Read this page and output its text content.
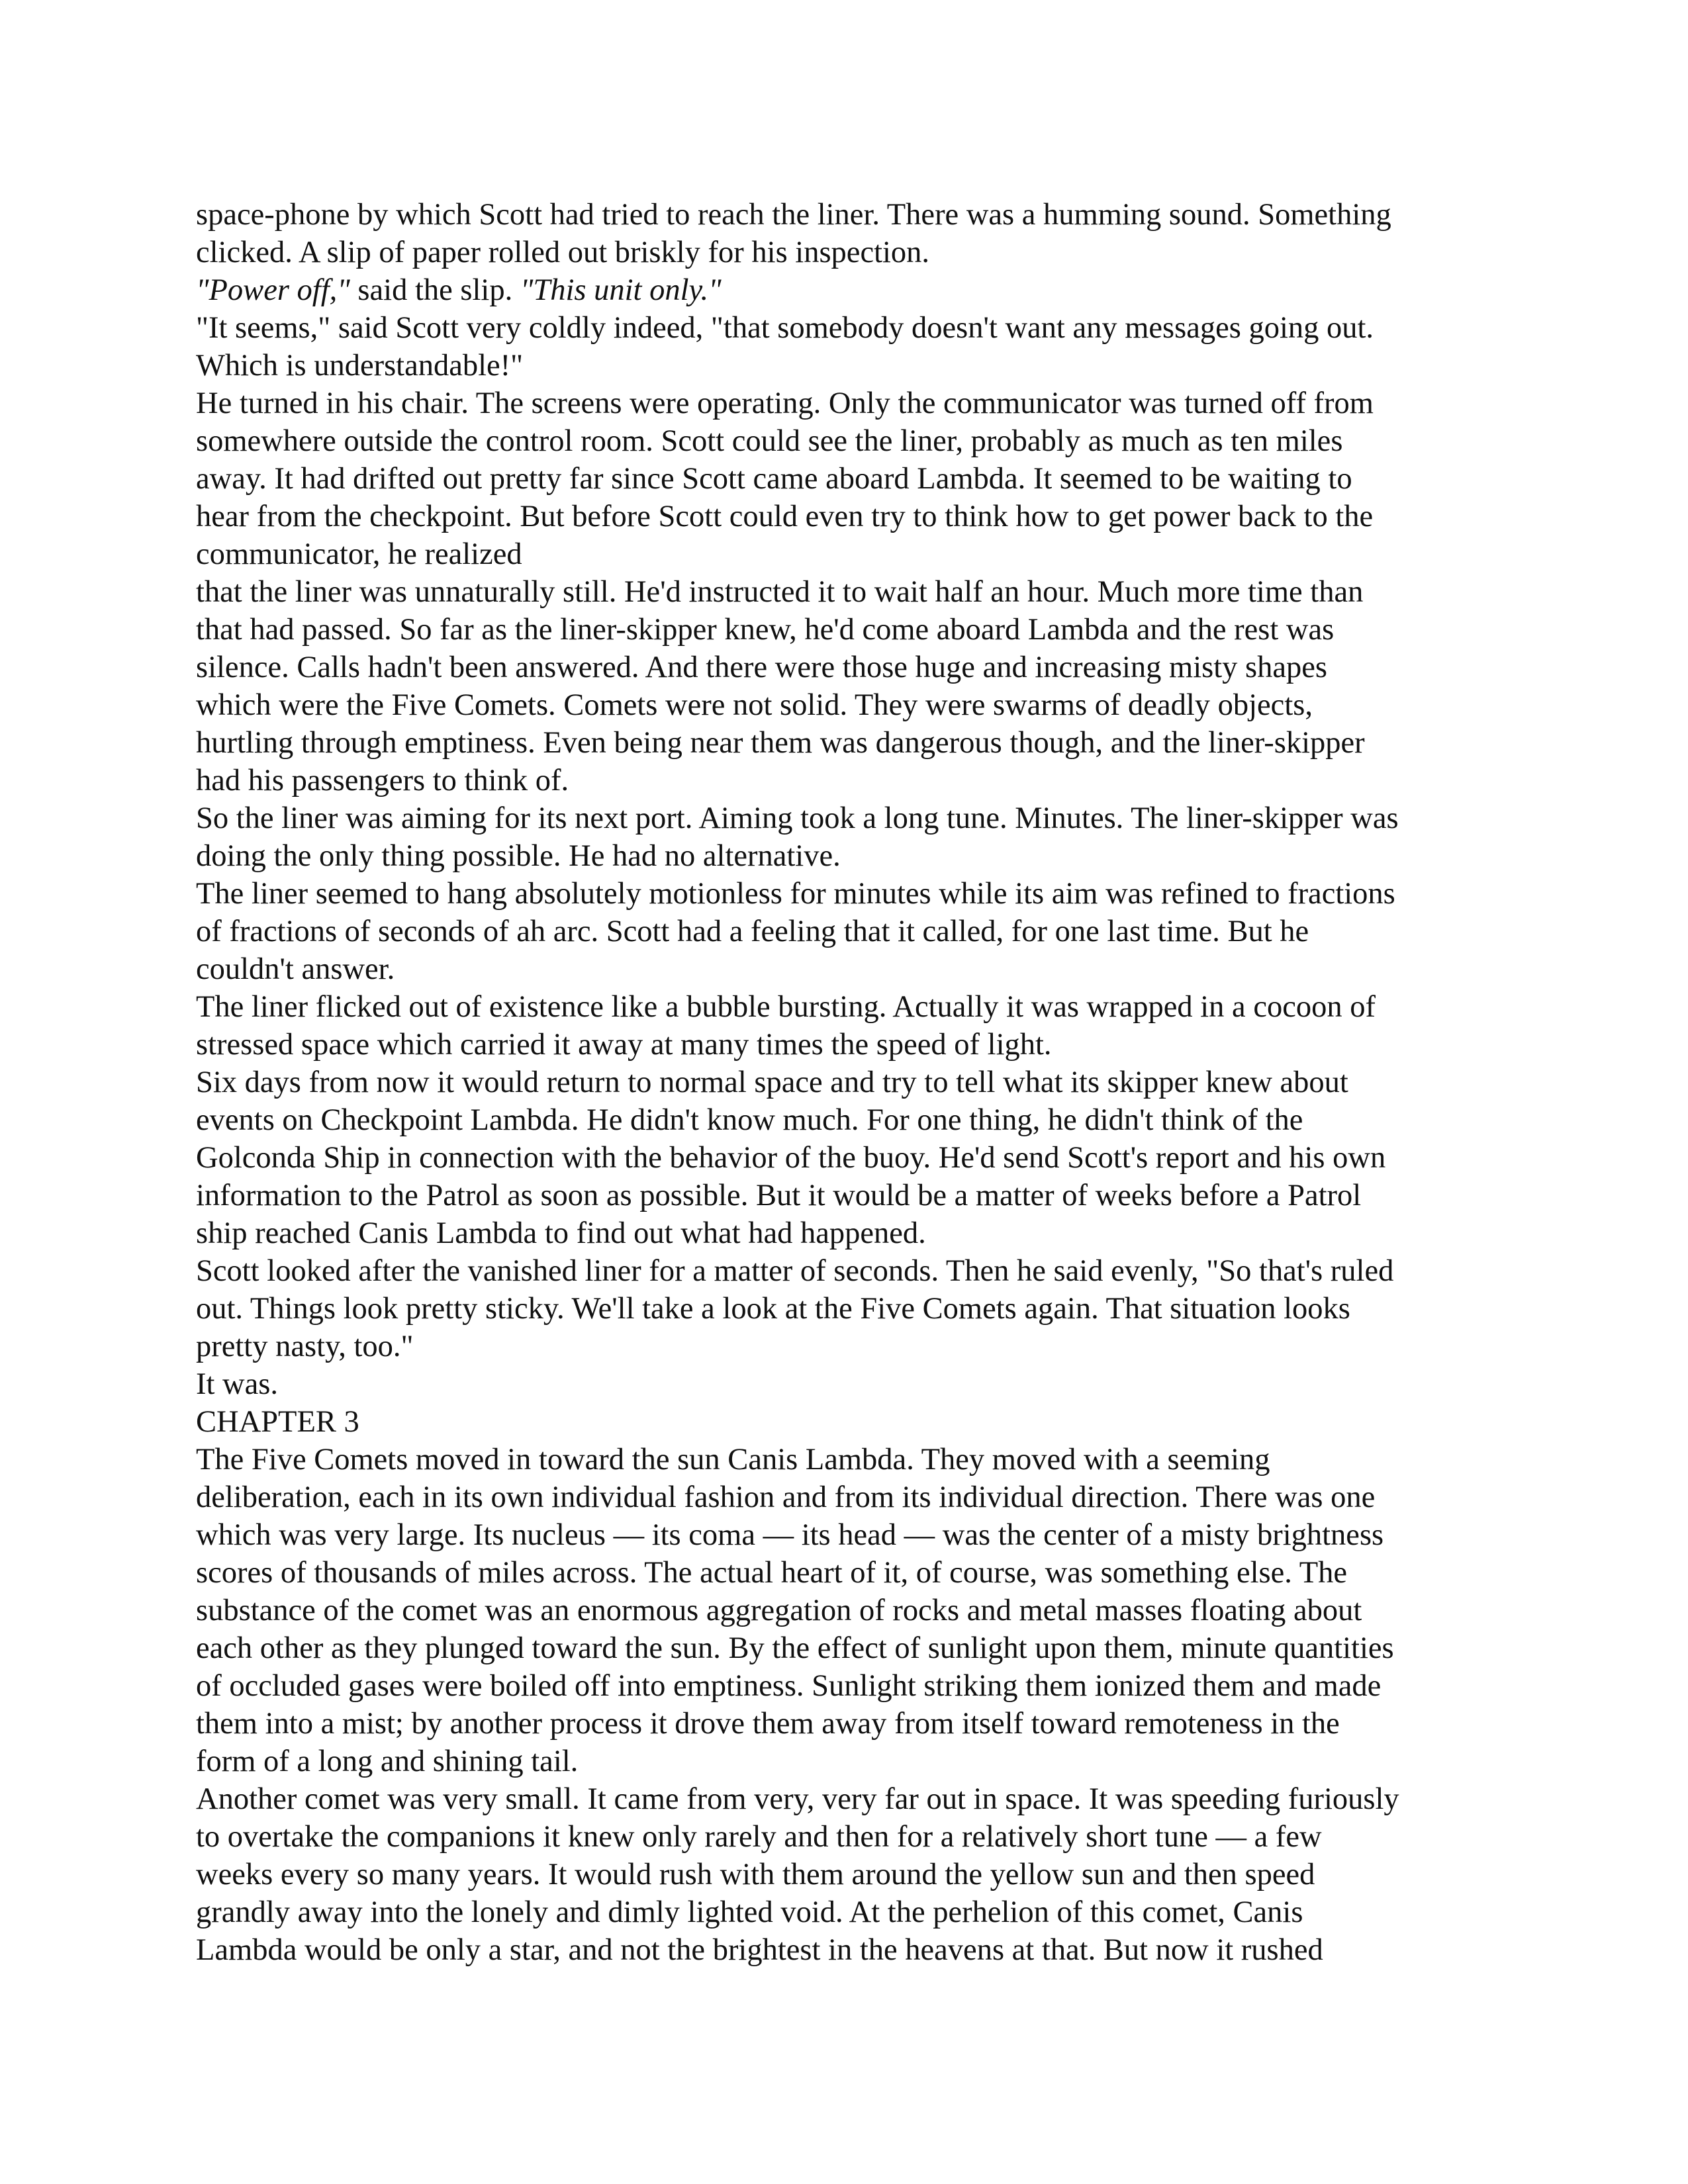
space-phone by which Scott had tried to reach the liner. There was a humming sound. Something
clicked. A slip of paper rolled out briskly for his inspection.
"Power off," said the slip. "This unit only."
"It seems," said Scott very coldly indeed, "that somebody doesn't want any messages going out.
Which is understandable!"
He turned in his chair. The screens were operating. Only the communicator was turned off from
somewhere outside the control room. Scott could see the liner, probably as much as ten miles
away. It had drifted out pretty far since Scott came aboard Lambda. It seemed to be waiting to
hear from the checkpoint. But before Scott could even try to think how to get power back to the
communicator, he realized
that the liner was unnaturally still. He'd instructed it to wait half an hour. Much more time than
that had passed. So far as the liner-skipper knew, he'd come aboard Lambda and the rest was
silence. Calls hadn't been answered. And there were those huge and increasing misty shapes
which were the Five Comets. Comets were not solid. They were swarms of deadly objects,
hurtling through emptiness. Even being near them was dangerous though, and the liner-skipper
had his passengers to think of.
So the liner was aiming for its next port. Aiming took a long tune. Minutes. The liner-skipper was
doing the only thing possible. He had no alternative.
The liner seemed to hang absolutely motionless for minutes while its aim was refined to fractions
of fractions of seconds of ah arc. Scott had a feeling that it called, for one last time. But he
couldn't answer.
The liner flicked out of existence like a bubble bursting. Actually it was wrapped in a cocoon of
stressed space which carried it away at many times the speed of light.
Six days from now it would return to normal space and try to tell what its skipper knew about
events on Checkpoint Lambda. He didn't know much. For one thing, he didn't think of the
Golconda Ship in connection with the behavior of the buoy. He'd send Scott's report and his own
information to the Patrol as soon as possible. But it would be a matter of weeks before a Patrol
ship reached Canis Lambda to find out what had happened.
Scott looked after the vanished liner for a matter of seconds. Then he said evenly, "So that's ruled
out. Things look pretty sticky. We'll take a look at the Five Comets again. That situation looks
pretty nasty, too."
It was.
CHAPTER 3
The Five Comets moved in toward the sun Canis Lambda. They moved with a seeming
deliberation, each in its own individual fashion and from its individual direction. There was one
which was very large. Its nucleus — its coma — its head — was the center of a misty brightness
scores of thousands of miles across. The actual heart of it, of course, was something else. The
substance of the comet was an enormous aggregation of rocks and metal masses floating about
each other as they plunged toward the sun. By the effect of sunlight upon them, minute quantities
of occluded gases were boiled off into emptiness. Sunlight striking them ionized them and made
them into a mist; by another process it drove them away from itself toward remoteness in the
form of a long and shining tail.
Another comet was very small. It came from very, very far out in space. It was speeding furiously
to overtake the companions it knew only rarely and then for a relatively short tune — a few
weeks every so many years. It would rush with them around the yellow sun and then speed
grandly away into the lonely and dimly lighted void. At the perhelion of this comet, Canis
Lambda would be only a star, and not the brightest in the heavens at that. But now it rushed
